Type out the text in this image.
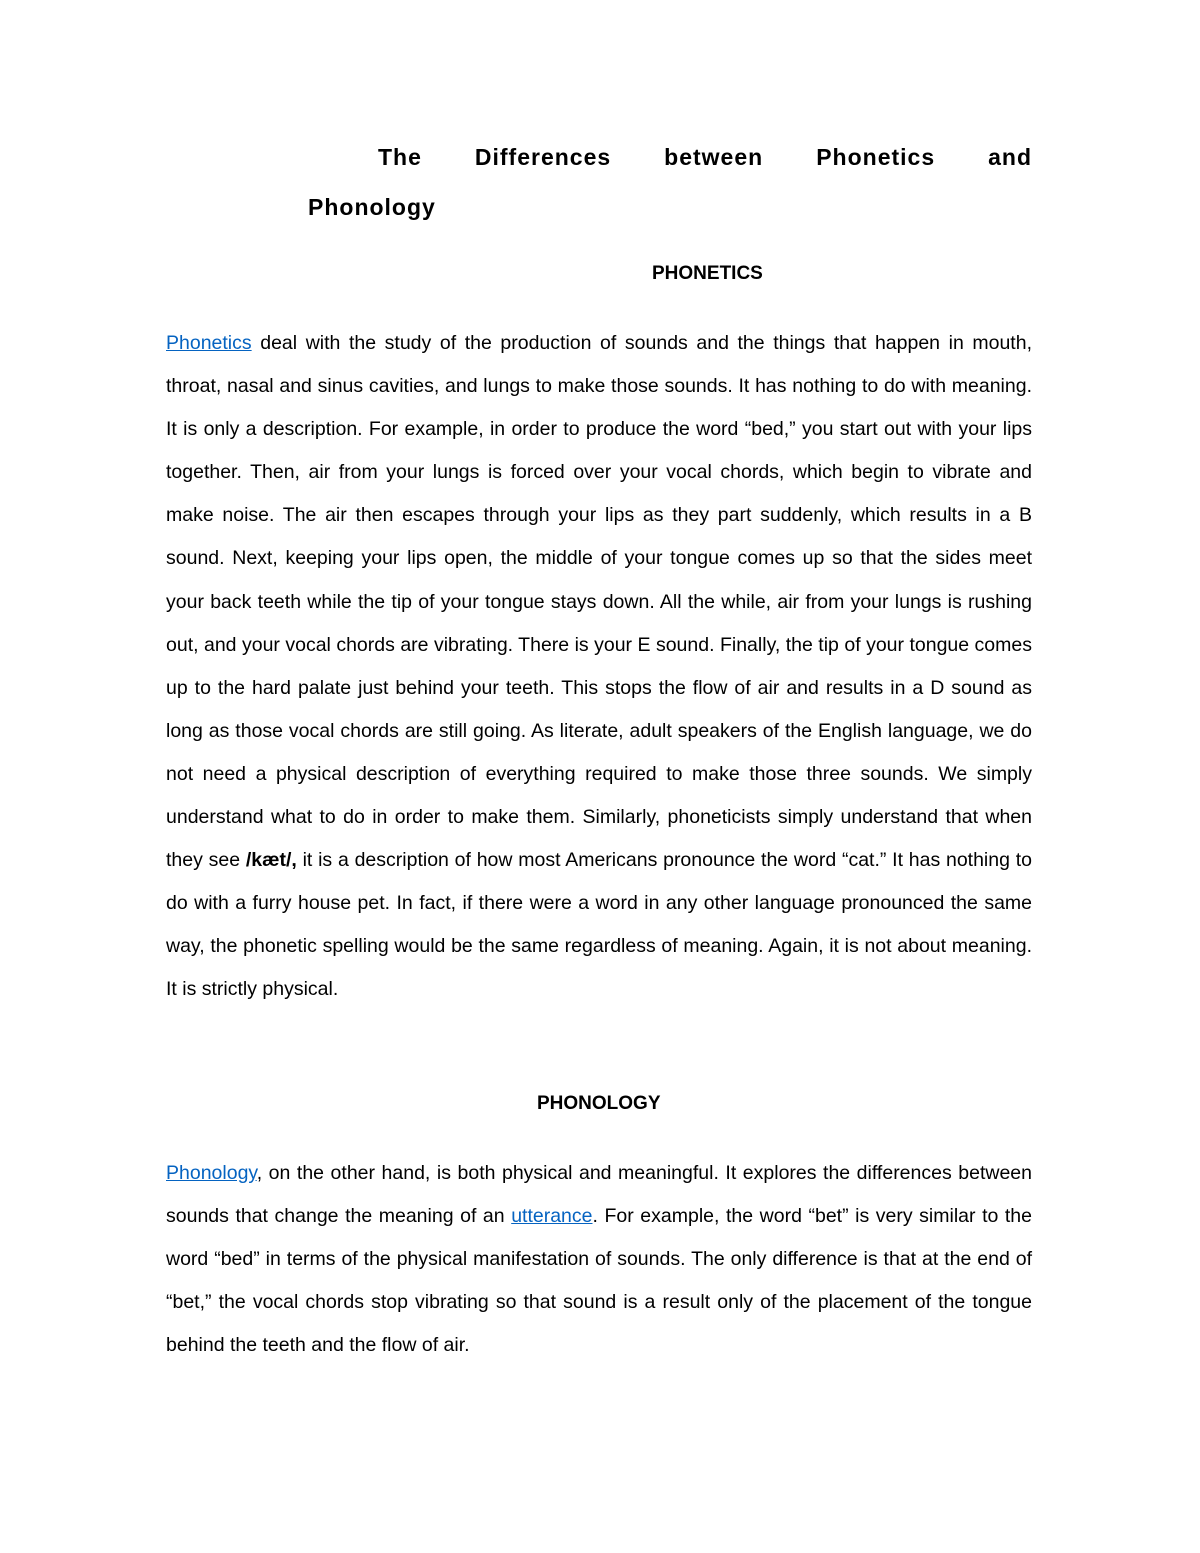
The Differences between Phonetics and
Phonology
PHONETICS

Phonetics deal with the study of the production of sounds and the things that happen in mouth, throat, nasal and sinus cavities, and lungs to make those sounds. It has nothing to do with meaning. It is only a description. For example, in order to produce the word “bed,” you start out with your lips together. Then, air from your lungs is forced over your vocal chords, which begin to vibrate and make noise. The air then escapes through your lips as they part suddenly, which results in a B sound. Next, keeping your lips open, the middle of your tongue comes up so that the sides meet your back teeth while the tip of your tongue stays down. All the while, air from your lungs is rushing out, and your vocal chords are vibrating. There is your E sound. Finally, the tip of your tongue comes up to the hard palate just behind your teeth. This stops the flow of air and results in a D sound as long as those vocal chords are still going. As literate, adult speakers of the English language, we do not need a physical description of everything required to make those three sounds. We simply understand what to do in order to make them. Similarly, phoneticists simply understand that when they see /kæt/, it is a description of how most Americans pronounce the word “cat.” It has nothing to do with a furry house pet. In fact, if there were a word in any other language pronounced the same way, the phonetic spelling would be the same regardless of meaning. Again, it is not about meaning. It is strictly physical.

PHONOLOGY

Phonology, on the other hand, is both physical and meaningful. It explores the differences between sounds that change the meaning of an utterance. For example, the word “bet” is very similar to the word “bed” in terms of the physical manifestation of sounds. The only difference is that at the end of “bet,” the vocal chords stop vibrating so that sound is a result only of the placement of the tongue behind the teeth and the flow of air.
